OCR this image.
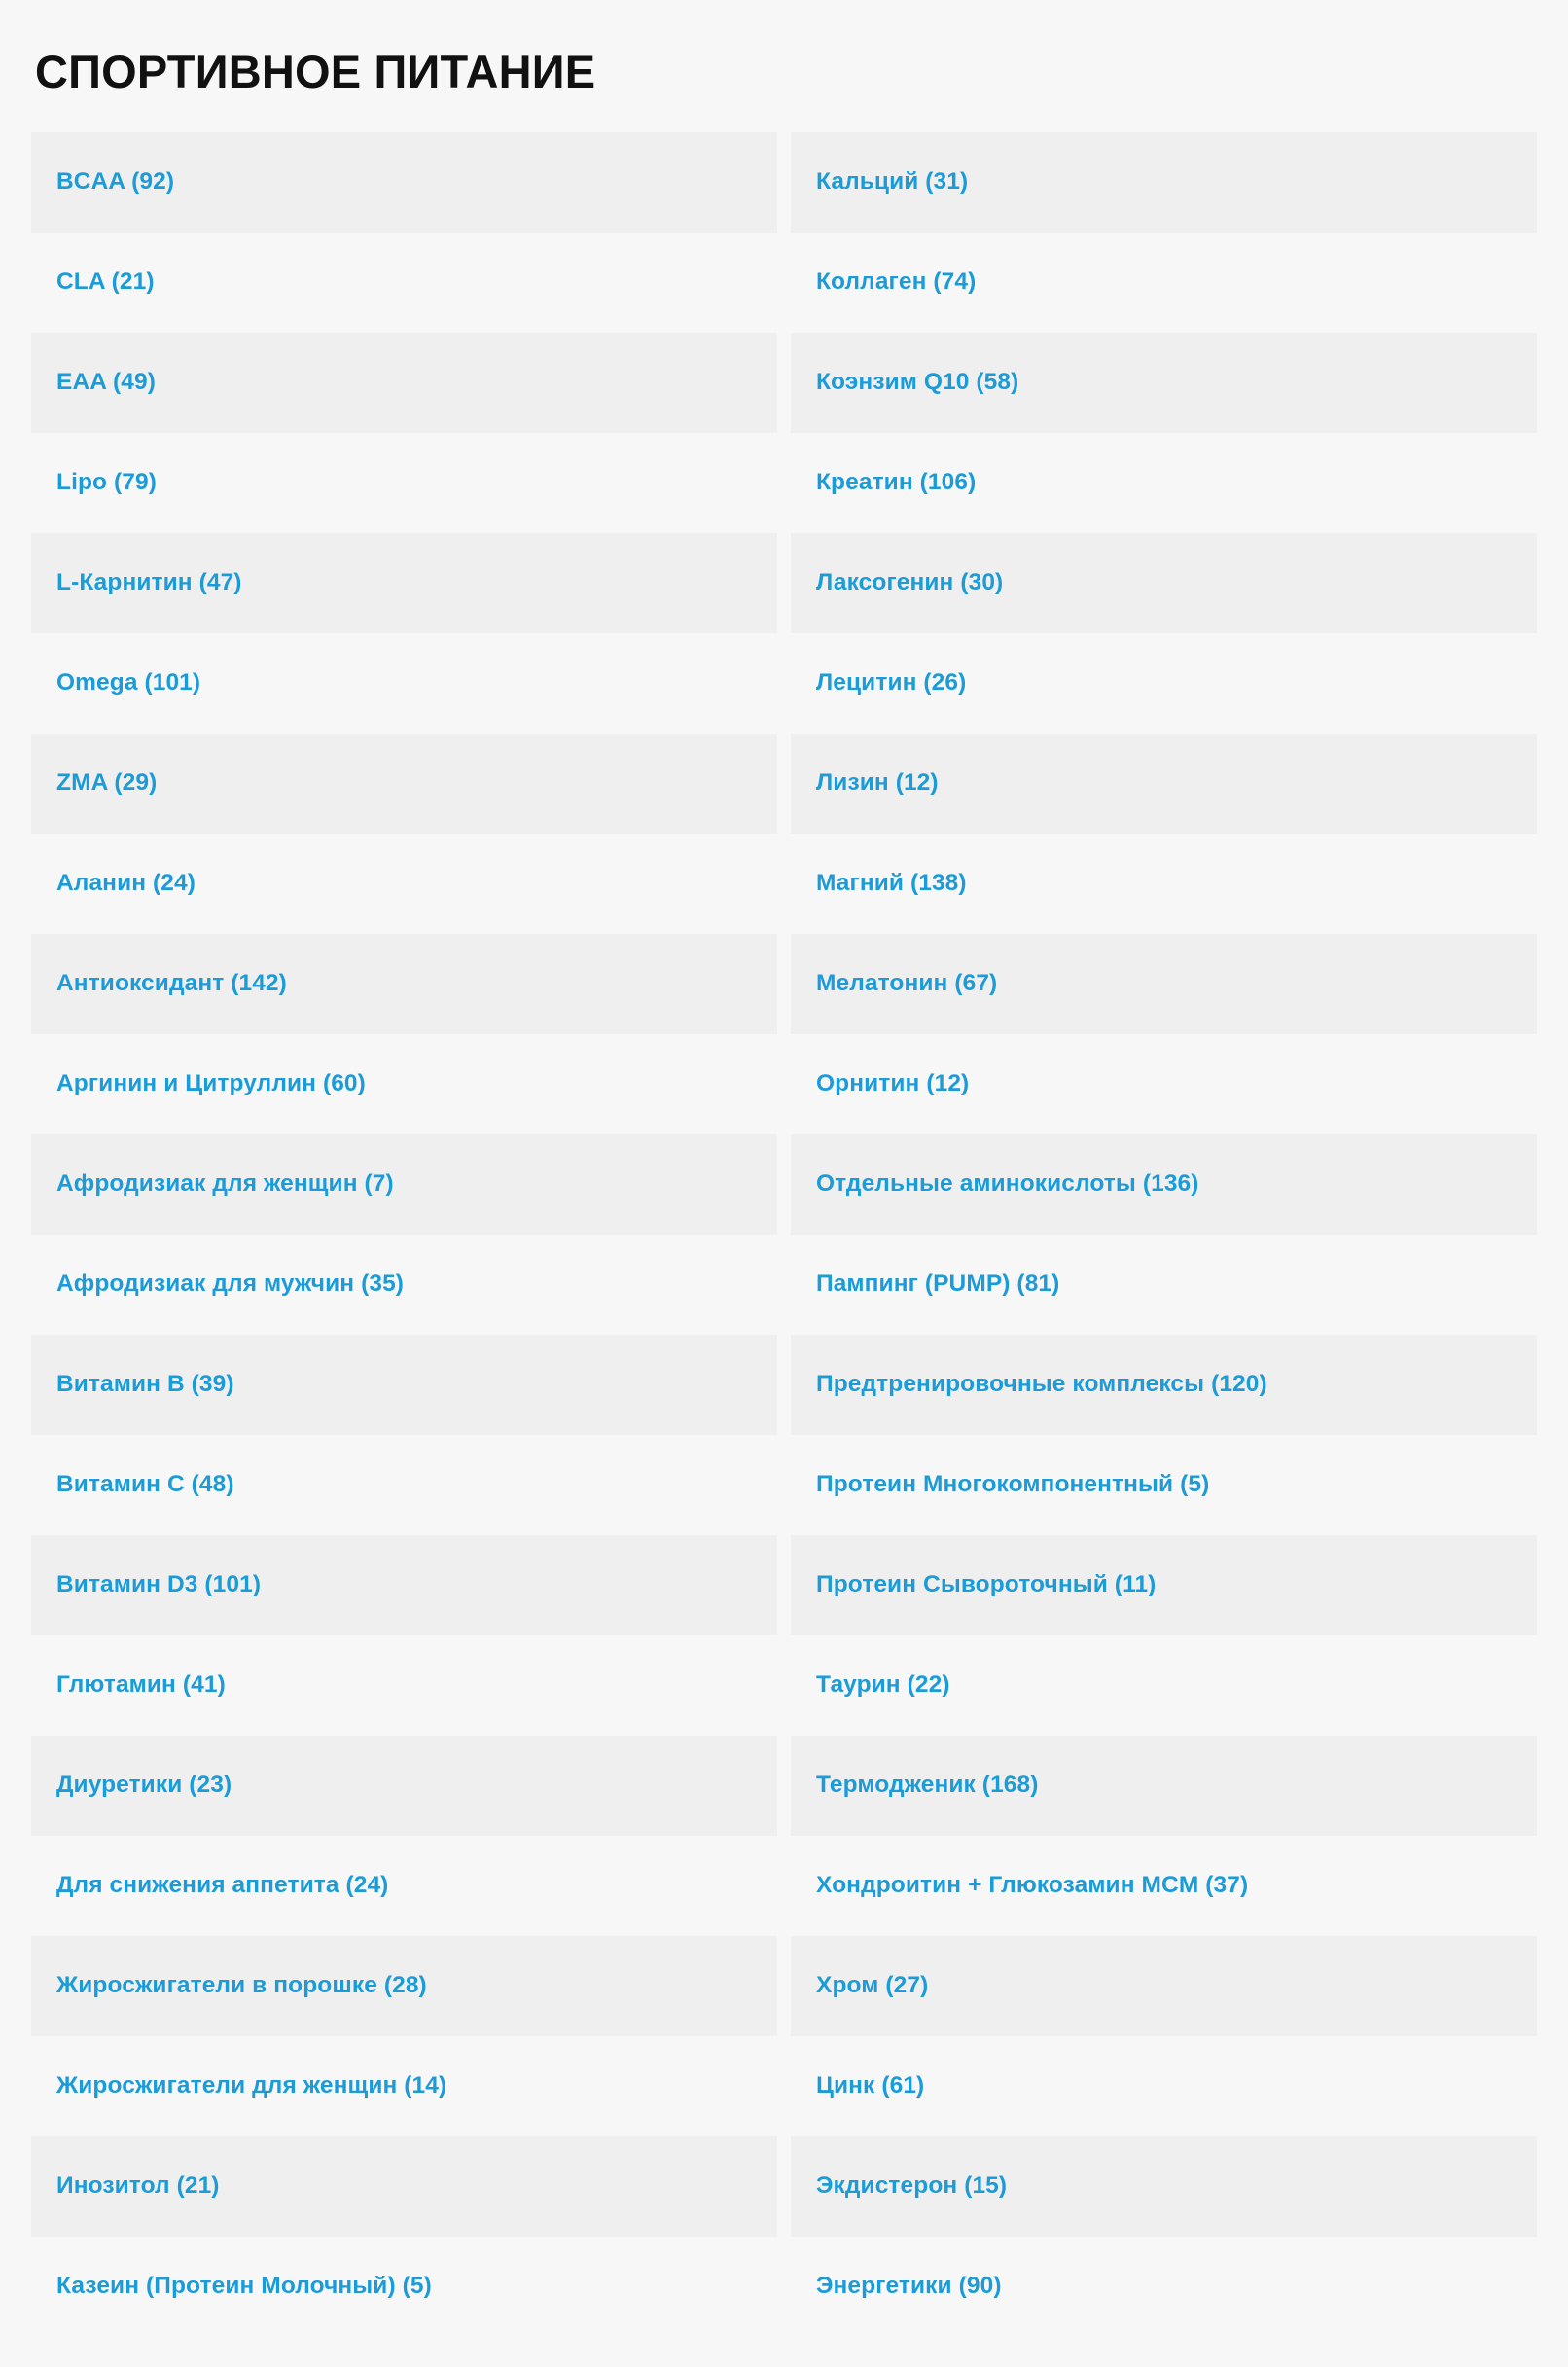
СПОРТИВНОЕ ПИТАНИЕ
BCAA (92)
CLA (21)
EAA (49)
Lipo (79)
L-Карнитин (47)
Omega (101)
ZMA (29)
Аланин (24)
Антиоксидант (142)
Аргинин и Цитруллин (60)
Афродизиак для женщин (7)
Афродизиак для мужчин (35)
Витамин B (39)
Витамин C (48)
Витамин D3 (101)
Глютамин (41)
Диуретики (23)
Для снижения аппетита (24)
Жиросжигатели в порошке (28)
Жиросжигатели для женщин (14)
Инозитол (21)
Казеин (Протеин Молочный) (5)
Кальций (31)
Коллаген (74)
Коэнзим Q10 (58)
Креатин (106)
Лаксогенин (30)
Лецитин (26)
Лизин (12)
Магний (138)
Мелатонин (67)
Орнитин (12)
Отдельные аминокислоты (136)
Пампинг (PUMP) (81)
Предтренировочные комплексы (120)
Протеин Многокомпонентный (5)
Протеин Сывороточный (11)
Таурин (22)
Термодженик (168)
Хондроитин + Глюкозамин MCM (37)
Хром (27)
Цинк (61)
Экдистерон (15)
Энергетики (90)
